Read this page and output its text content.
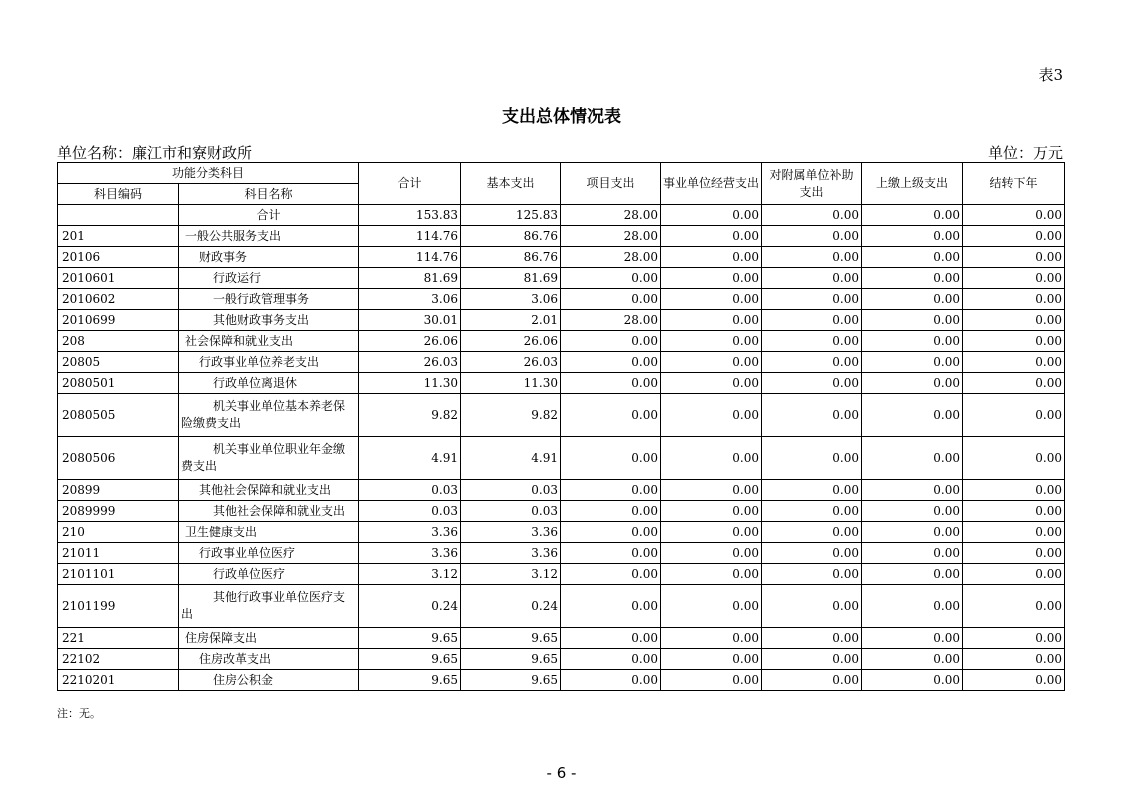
表3
支出总体情况表
单位名称：廉江市和寮财政所	单位：万元
功能分类科目		合计	基本支出	项目支出	事业单位经营支出	对附属单位补助支出	上缴上级支出	结转下年
科目编码	科目名称							
	合计	153.83	125.83	28.00	0.00	0.00	0.00	0.00
201	一般公共服务支出	114.76	86.76	28.00	0.00	0.00	0.00	0.00
20106	财政事务	114.76	86.76	28.00	0.00	0.00	0.00	0.00
2010601	行政运行	81.69	81.69	0.00	0.00	0.00	0.00	0.00
2010602	一般行政管理事务	3.06	3.06	0.00	0.00	0.00	0.00	0.00
2010699	其他财政事务支出	30.01	2.01	28.00	0.00	0.00	0.00	0.00
208	社会保障和就业支出	26.06	26.06	0.00	0.00	0.00	0.00	0.00
20805	行政事业单位养老支出	26.03	26.03	0.00	0.00	0.00	0.00	0.00
2080501	行政单位离退休	11.30	11.30	0.00	0.00	0.00	0.00	0.00
2080505	机关事业单位基本养老保险缴费支出	9.82	9.82	0.00	0.00	0.00	0.00	0.00
2080506	机关事业单位职业年金缴费支出	4.91	4.91	0.00	0.00	0.00	0.00	0.00
20899	其他社会保障和就业支出	0.03	0.03	0.00	0.00	0.00	0.00	0.00
2089999	其他社会保障和就业支出	0.03	0.03	0.00	0.00	0.00	0.00	0.00
210	卫生健康支出	3.36	3.36	0.00	0.00	0.00	0.00	0.00
21011	行政事业单位医疗	3.36	3.36	0.00	0.00	0.00	0.00	0.00
2101101	行政单位医疗	3.12	3.12	0.00	0.00	0.00	0.00	0.00
2101199	其他行政事业单位医疗支出	0.24	0.24	0.00	0.00	0.00	0.00	0.00
221	住房保障支出	9.65	9.65	0.00	0.00	0.00	0.00	0.00
22102	住房改革支出	9.65	9.65	0.00	0.00	0.00	0.00	0.00
2210201	住房公积金	9.65	9.65	0.00	0.00	0.00	0.00	0.00
注：无。
- 6 -
